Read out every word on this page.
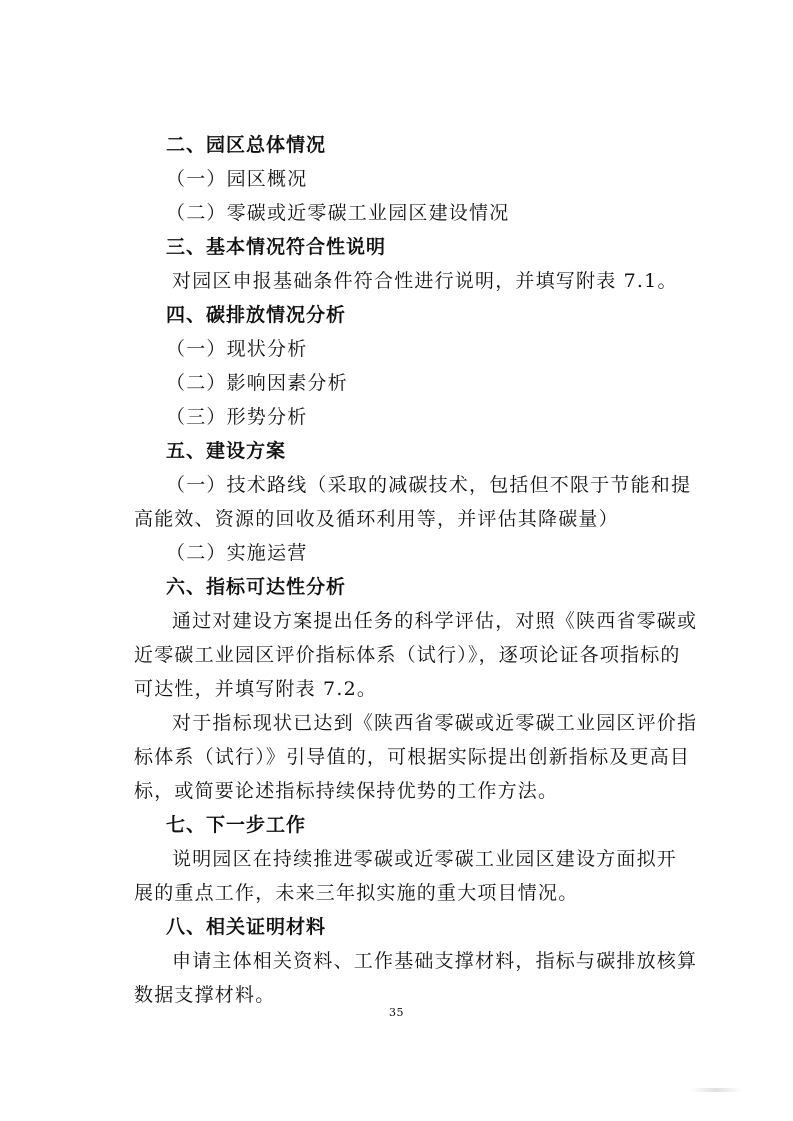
二、园区总体情况

（一）园区概况

（二）零碳或近零碳工业园区建设情况

三、基本情况符合性说明

对园区申报基础条件符合性进行说明，并填写附表 7.1。

四、碳排放情况分析

（一）现状分析

（二）影响因素分析

（三）形势分析

五、建设方案

（一）技术路线（采取的减碳技术，包括但不限于节能和提

高能效、资源的回收及循环利用等，并评估其降碳量）

（二）实施运营

六、指标可达性分析

通过对建设方案提出任务的科学评估，对照《陕西省零碳或

近零碳工业园区评价指标体系（试行）》，逐项论证各项指标的

可达性，并填写附表 7.2。

对于指标现状已达到《陕西省零碳或近零碳工业园区评价指

标体系（试行）》引导值的，可根据实际提出创新指标及更高目

标，或简要论述指标持续保持优势的工作方法。

七、下一步工作

说明园区在持续推进零碳或近零碳工业园区建设方面拟开

展的重点工作，未来三年拟实施的重大项目情况。

八、相关证明材料

申请主体相关资料、工作基础支撑材料，指标与碳排放核算

数据支撑材料。

35
